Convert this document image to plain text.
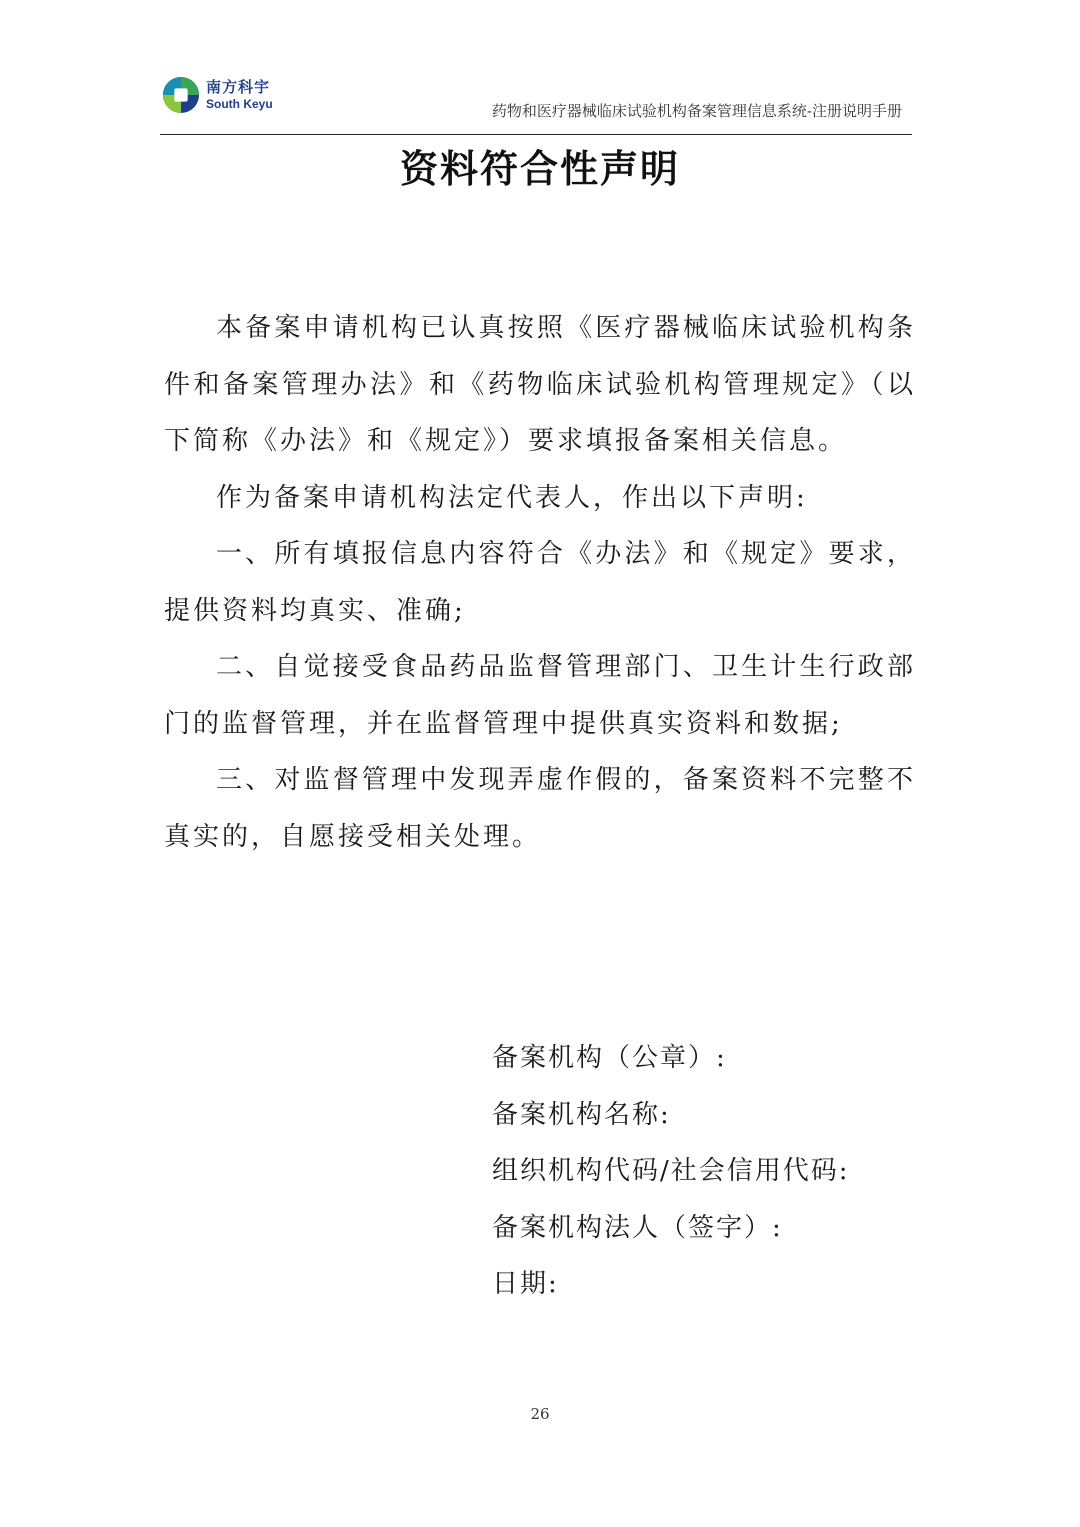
南方科宇
South Keyu	药物和医疗器械临床试验机构备案管理信息系统-注册说明手册
资料符合性声明

本备案申请机构已认真按照《医疗器械临床试验机构条件和备案管理办法》和《药物临床试验机构管理规定》（以下简称《办法》和《规定》）要求填报备案相关信息。

作为备案申请机构法定代表人，作出以下声明:

一、所有填报信息内容符合《办法》和《规定》要求，提供资料均真实、准确;

二、自觉接受食品药品监督管理部门、卫生计生行政部门的监督管理，并在监督管理中提供真实资料和数据;

三、对监督管理中发现弄虚作假的，备案资料不完整不真实的，自愿接受相关处理。

备案机构（公章）:
备案机构名称:
组织机构代码/社会信用代码:
备案机构法人（签字）:
日期:
26
